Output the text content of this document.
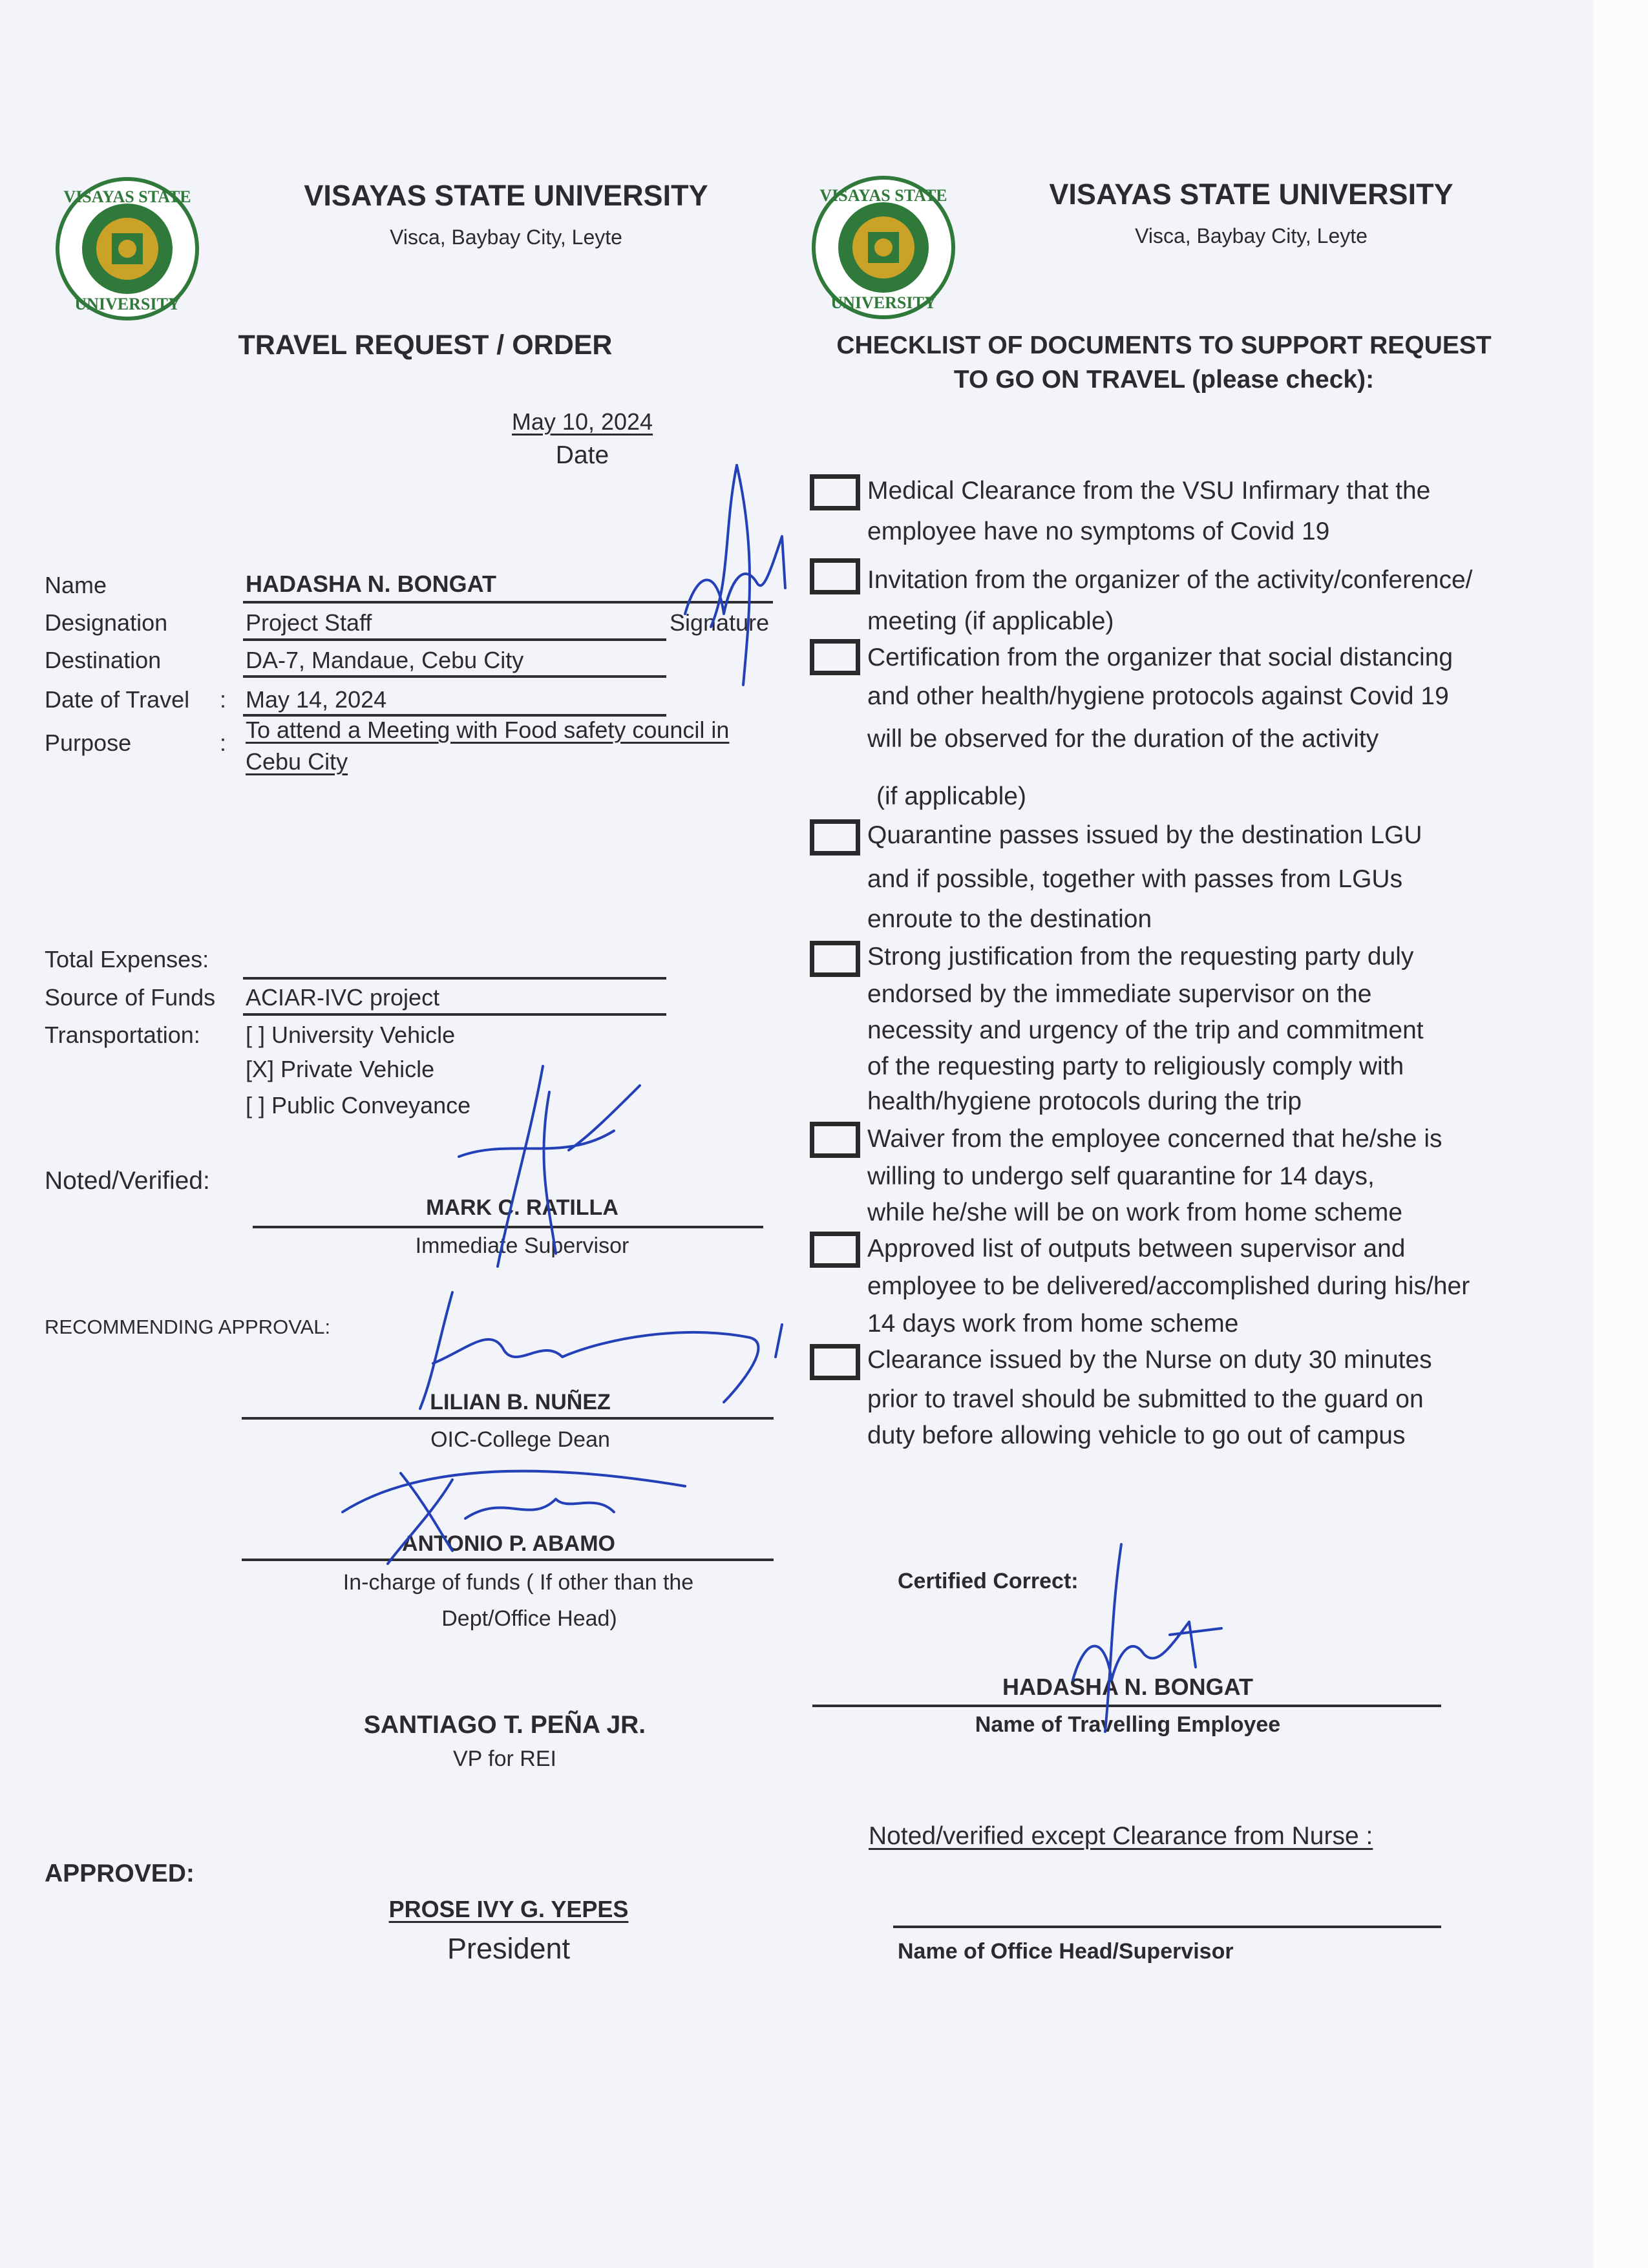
VISAYAS STATE
UNIVERSITY
VISAYAS STATE
UNIVERSITY
VISAYAS STATE UNIVERSITY
Visca, Baybay City, Leyte
VISAYAS STATE UNIVERSITY
Visca, Baybay City, Leyte
TRAVEL REQUEST / ORDER	CHECKLIST OF DOCUMENTS TO SUPPORT REQUEST
TO GO ON TRAVEL (please check):
May 10, 2024
Date
Name	HADASHA N. BONGAT
Signature
Designation	Project Staff
Destination	DA-7, Mandaue, Cebu City
Date of Travel : May 14, 2024
Purpose	: To attend a Meeting with Food safety council in
Cebu City
Total Expenses:
Source of Funds ACIAR-IVC project
Transportation: [ ] University Vehicle
[X] Private Vehicle
[ ] Public Conveyance
Noted/Verified:
MARK C. RATILLA
Immediate Supervisor
RECOMMENDING APPROVAL:
LILIAN B. NUÑEZ
OIC-College Dean
ANTONIO P. ABAMO
In-charge of funds ( If other than the
Dept/Office Head)
SANTIAGO T. PEÑA JR.
VP for REI
APPROVED:
PROSE IVY G. YEPES
President
Medical Clearance from the VSU Infirmary that the
employee have no symptoms of Covid 19
Invitation from the organizer of the activity/conference/
meeting (if applicable)
Certification from the organizer that social distancing
and other health/hygiene protocols against Covid 19
will be observed for the duration of the activity
(if applicable)
Quarantine passes issued by the destination LGU
and if possible, together with passes from LGUs
enroute to the destination
Strong justification from the requesting party duly
endorsed by the immediate supervisor on the
necessity and urgency of the trip and commitment
of the requesting party to religiously comply with
health/hygiene protocols during the trip
Waiver from the employee concerned that he/she is
willing to undergo self quarantine for 14 days,
while he/she will be on work from home scheme
Approved list of outputs between supervisor and
employee to be delivered/accomplished during his/her
14 days work from home scheme
Clearance issued by the Nurse on duty 30 minutes
prior to travel should be submitted to the guard on
duty before allowing vehicle to go out of campus
Certified Correct:
HADASHA N. BONGAT
Name of Travelling Employee
Noted/verified except Clearance from Nurse :
Name of Office Head/Supervisor
